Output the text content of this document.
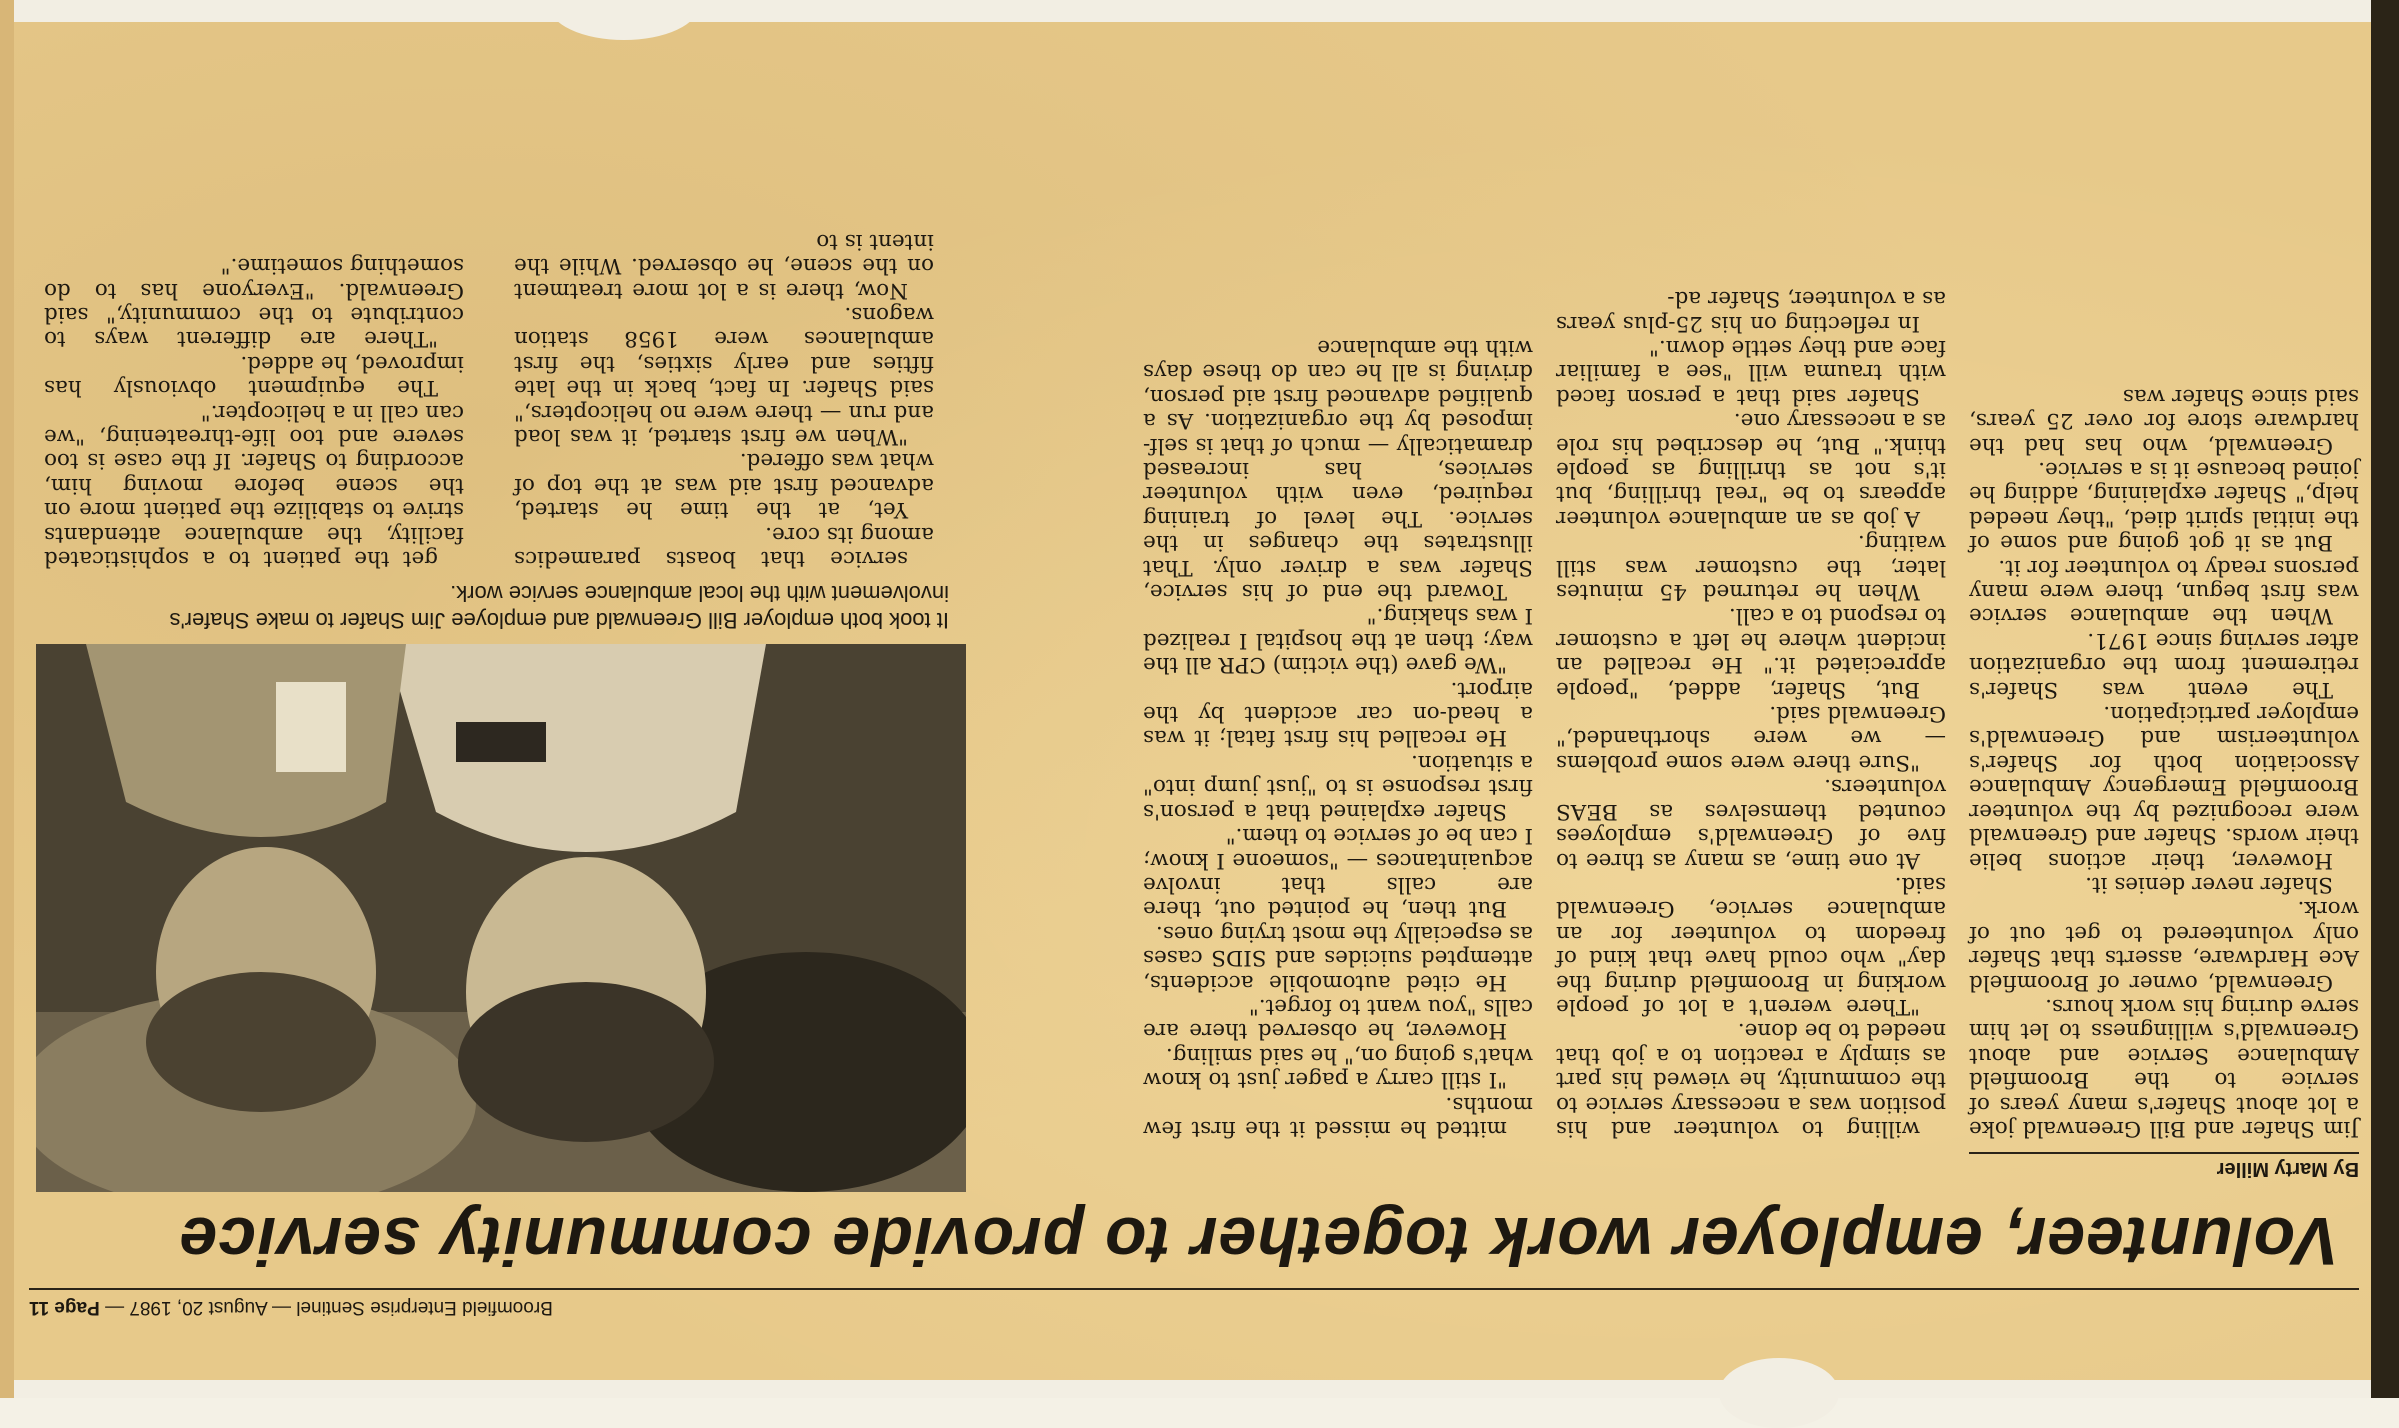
Broomfield Enterprise Sentinel — August 20, 1987 — Page 11
Volunteer, employer work together to provide community service
By Marty Miller

Jim Shafer and Bill Greenwald joke a lot about Shafer's many years of service to the Broomfield Ambulance Service and about Greenwald's willingness to let him serve during his work hours.

Greenwald, owner of Broomfield Ace Hardware, asserts that Shafer only volunteered to get out of work.

Shafer never denies it.

However, their actions belie their words. Shafer and Greenwald were recognized by the volunteer Broomfield Emergency Ambulance Association both for Shafer's volunteerism and Greenwald's employer participation.

The event was Shafer's retirement from the organization after serving since 1971.

When the ambulance service was first begun, there were many persons ready to volunteer for it.

But as it got going and some of the initial spirit died, "they needed help," Shafer explaining, adding he joined because it is a service.

Greenwald, who has had the hardware store for over 25 years, said since Shafer was

willing to volunteer and his position was a necessary service to the community, he viewed his part as simply a reaction to a job that needed to be done.

"There weren't a lot of people working in Broomfield during the day" who could have that kind of freedom to volunteer for an ambulance service, Greenwald said.

At one time, as many as three to five of Greenwald's employees counted themselves as BEAS volunteers.

"Sure there were some problems — we were shorthanded," Greenwald said.

But, Shafer, added, "people appreciated it." He recalled an incident where he left a customer to respond to a call.

When he returned 45 minutes later, the customer was still waiting.

A job as an ambulance volunteer appears to be "real thrilling, but it's not as thrilling as people think." But, he described his role as a necessary one.

Shafer said that a person faced with trauma will "see a familiar face and they settle down."

In reflecting on his 25-plus years as a volunteer, Shafer ad-

mitted he missed it the first few months.

"I still carry a pager just to know what's going on," he said smiling.

However, he observed there are calls "you want to forget."

He cited automobile accidents, attempted suicides and SIDS cases as especially the most trying ones.

But then, he pointed out, there are calls that involve acquaintances — "someone I know; I can be of service to them."

Shafer explained that a person's first response is to "just jump into" a situation.

He recalled his first fatal; it was a head-on car accident by the airport.

"We gave (the victim) CPR all the way; then at the hospital I realized I was shaking."

Toward the end of his service, Shafer was a driver only. That illustrates the changes in the service. The level of training required, even with volunteer services, has increased dramatically — much of that is self-imposed by the organization. As a qualified advanced first aid person, driving is all he can do these days with the ambulance

service that boasts paramedics among its core.

Yet, at the time he started, advanced first aid was at the top of what was offered.

"When we first started, it was load and run — there were no helicopters," said Shafer. In fact, back in the late fifties and early sixties, the first ambulances were 1958 station wagons.

Now, there is a lot more treatment on the scene, he observed. While the intent is to

get the patient to a sophisticated facility, the ambulance attendants strive to stabilize the patient more on the scene before moving him, according to Shafer. If the case is too severe and too life-threatening, "we can call in a helicopter."

The equipment obviously has improved, he added.

"There are different ways to contribute to the community," said Greenwald. "Everyone has to do something sometime."

It took both employer Bill Greenwald and employee Jim Shafer to make Shafer's involvement with the local ambulance service work.
